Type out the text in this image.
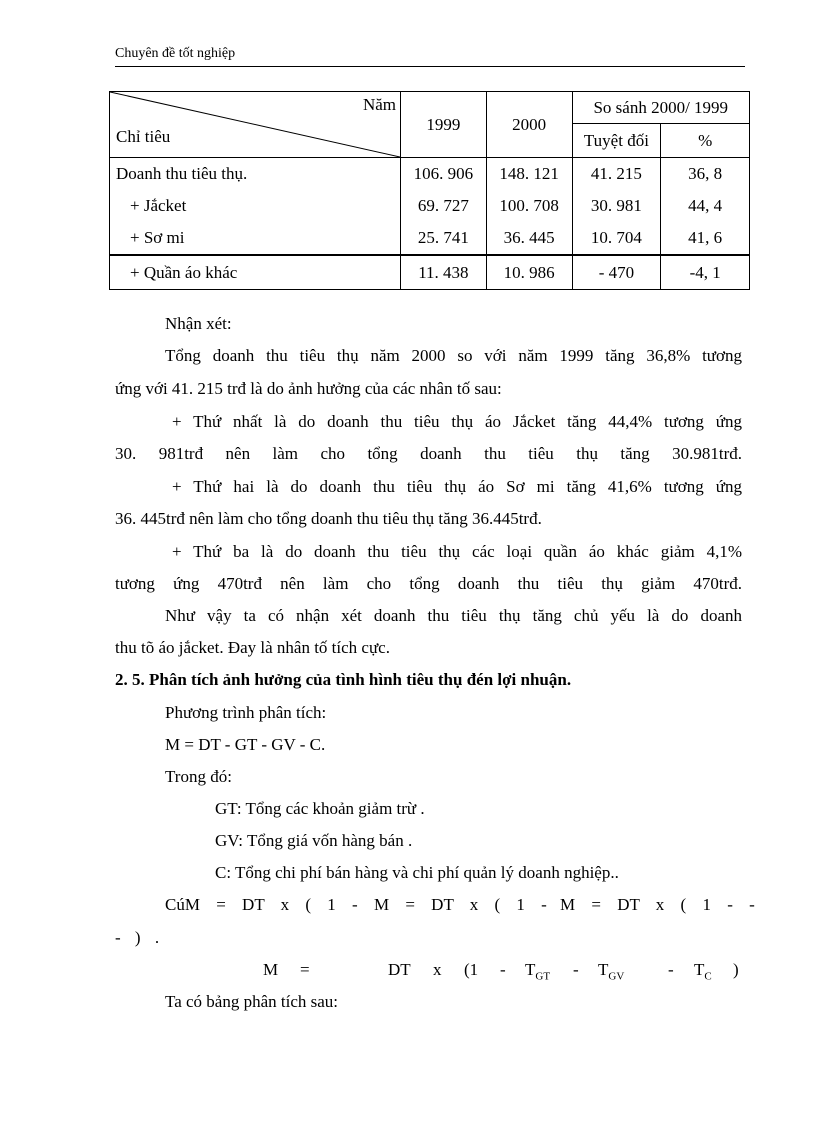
Chuyên đề tốt nghiệp
Năm
Chỉ tiêu	1999	2000	So sánh 2000/ 1999	
			Tuyệt đối	%
Doanh thu tiêu thụ.	106. 906	148. 121	41. 215	36, 8
+ Jắcket	69. 727	100. 708	30. 981	44, 4
+ Sơ mi	25. 741	36. 445	10. 704	41, 6
+ Quần áo khác	11. 438	10. 986	- 470	-4, 1

Nhận xét:

Tổng doanh thu tiêu thụ năm 2000 so với năm 1999 tăng 36,8% tương

ứng với 41. 215 trđ là do ảnh hưởng của các nhân tố sau:

+ Thứ nhất là do doanh thu tiêu thụ áo Jắcket tăng 44,4% tương ứng

30. 981trđ nên làm cho tổng doanh thu tiêu thụ tăng 30.981trđ.

+ Thứ hai là do doanh thu tiêu thụ áo Sơ mi tăng 41,6% tương ứng

36. 445trđ nên làm cho tổng doanh thu tiêu thụ tăng 36.445trđ.

+ Thứ ba là do doanh thu tiêu thụ các loại quần áo khác giảm 4,1%

tương ứng 470trđ nên làm cho tổng doanh thu tiêu thụ giảm 470trđ.

Như vậy ta có nhận xét doanh thu tiêu thụ tăng chủ yếu là do doanh

thu tõ áo jắcket. Đay là nhân tố tích cực.

2. 5. Phân tích ảnh hưởng của tình hình tiêu thụ đén lợi nhuận.

Phương trình phân tích:

M = DT - GT - GV - C.

Trong đó:

GT: Tổng các khoản giảm trừ .

GV: Tổng giá vốn hàng bán .

C: Tổng chi phí bán hàng và chi phí quản lý doanh nghiệp..

CúM = DT x ( 1 - M = DT x ( 1 - M = DT x ( 1 - -

- ) .

M =	DT x ($1 - T_{GT} - T_{GV}$	- $T_C$ )

Ta có bảng phân tích sau:
